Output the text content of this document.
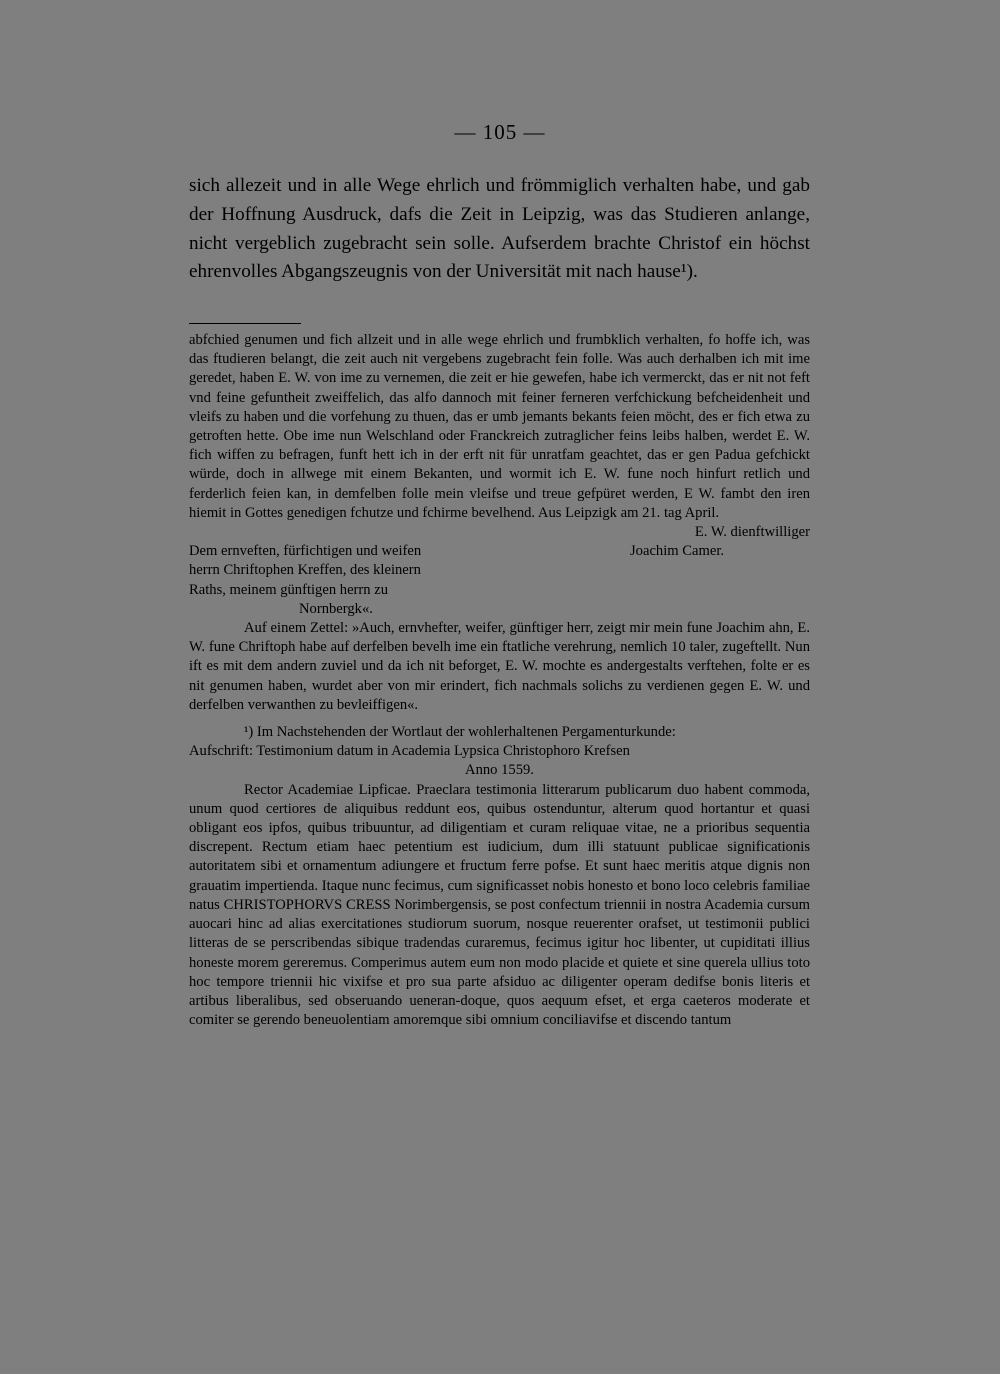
— 105 —

sich allezeit und in alle Wege ehrlich und frömmiglich verhalten habe, und gab der Hoffnung Ausdruck, dafs die Zeit in Leipzig, was das Studieren anlange, nicht vergeblich zugebracht sein solle. Aufserdem brachte Christof ein höchst ehrenvolles Abgangszeugnis von der Universität mit nach hause¹).

abfchied genumen und fich allzeit und in alle wege ehrlich und frumbklich verhalten, fo hoffe ich, was das ftudieren belangt, die zeit auch nit vergebens zugebracht fein folle. Was auch derhalben ich mit ime geredet, haben E. W. von ime zu vernemen, die zeit er hie gewefen, habe ich vermerckt, das er nit not feft vnd feine gefuntheit zweiffelich, das alfo dannoch mit feiner ferneren verfchickung befcheidenheit und vleifs zu haben und die vorfehung zu thuen, das er umb jemants bekants feien möcht, des er fich etwa zu getroften hette. Obe ime nun Welschland oder Franckreich zutraglicher feins leibs halben, werdet E. W. fich wiffen zu befragen, funft hett ich in der erft nit für unratfam geachtet, das er gen Padua gefchickt würde, doch in allwege mit einem Bekanten, und wormit ich E. W. fune noch hinfurt retlich und ferderlich feien kan, in demfelben folle mein vleifse und treue gefpüret werden, E W. fambt den iren hiemit in Gottes genedigen fchutze und fchirme bevelhend. Aus Leipzigk am 21. tag April.

E. W. dienftwilliger
Dem ernveften, fürfichtigen und weifen	Joachim Camer.
herrn Chriftophen Kreffen, des kleinern
Raths, meinem günftigen herrn zu
Nornbergk«.

Auf einem Zettel: »Auch, ernvhefter, weifer, günftiger herr, zeigt mir mein fune Joachim ahn, E. W. fune Chriftoph habe auf derfelben bevelh ime ein ftatliche verehrung, nemlich 10 taler, zugeftellt. Nun ift es mit dem andern zuviel und da ich nit beforget, E. W. mochte es andergestalts verftehen, folte er es nit genumen haben, wurdet aber von mir erindert, fich nachmals solichs zu verdienen gegen E. W. und derfelben verwanthen zu bevleiffigen«.

¹) Im Nachstehenden der Wortlaut der wohlerhaltenen Pergamenturkunde:

Aufschrift: Testimonium datum in Academia Lypsica Christophoro Krefsen
Anno 1559.

Rector Academiae Lipficae. Praeclara testimonia litterarum publicarum duo habent commoda, unum quod certiores de aliquibus reddunt eos, quibus ostenduntur, alterum quod hortantur et quasi obligant eos ipfos, quibus tribuuntur, ad diligentiam et curam reliquae vitae, ne a prioribus sequentia discrepent. Rectum etiam haec petentium est iudicium, dum illi statuunt publicae significationis autoritatem sibi et ornamentum adiungere et fructum ferre pofse. Et sunt haec meritis atque dignis non grauatim impertienda. Itaque nunc fecimus, cum significasset nobis honesto et bono loco celebris familiae natus CHRISTOPHORVS CRESS Norimbergensis, se post confectum triennii in nostra Academia cursum auocari hinc ad alias exercitationes studiorum suorum, nosque reuerenter orafset, ut testimonii publici litteras de se perscribendas sibique tradendas curaremus, fecimus igitur hoc libenter, ut cupiditati illius honeste morem gereremus. Comperimus autem eum non modo placide et quiete et sine querela ullius toto hoc tempore triennii hic vixifse et pro sua parte afsiduo ac diligenter operam dedifse bonis literis et artibus liberalibus, sed obseruando ueneran-doque, quos aequum efset, et erga caeteros moderate et comiter se gerendo beneuolentiam amoremque sibi omnium conciliavifse et discendo tantum
